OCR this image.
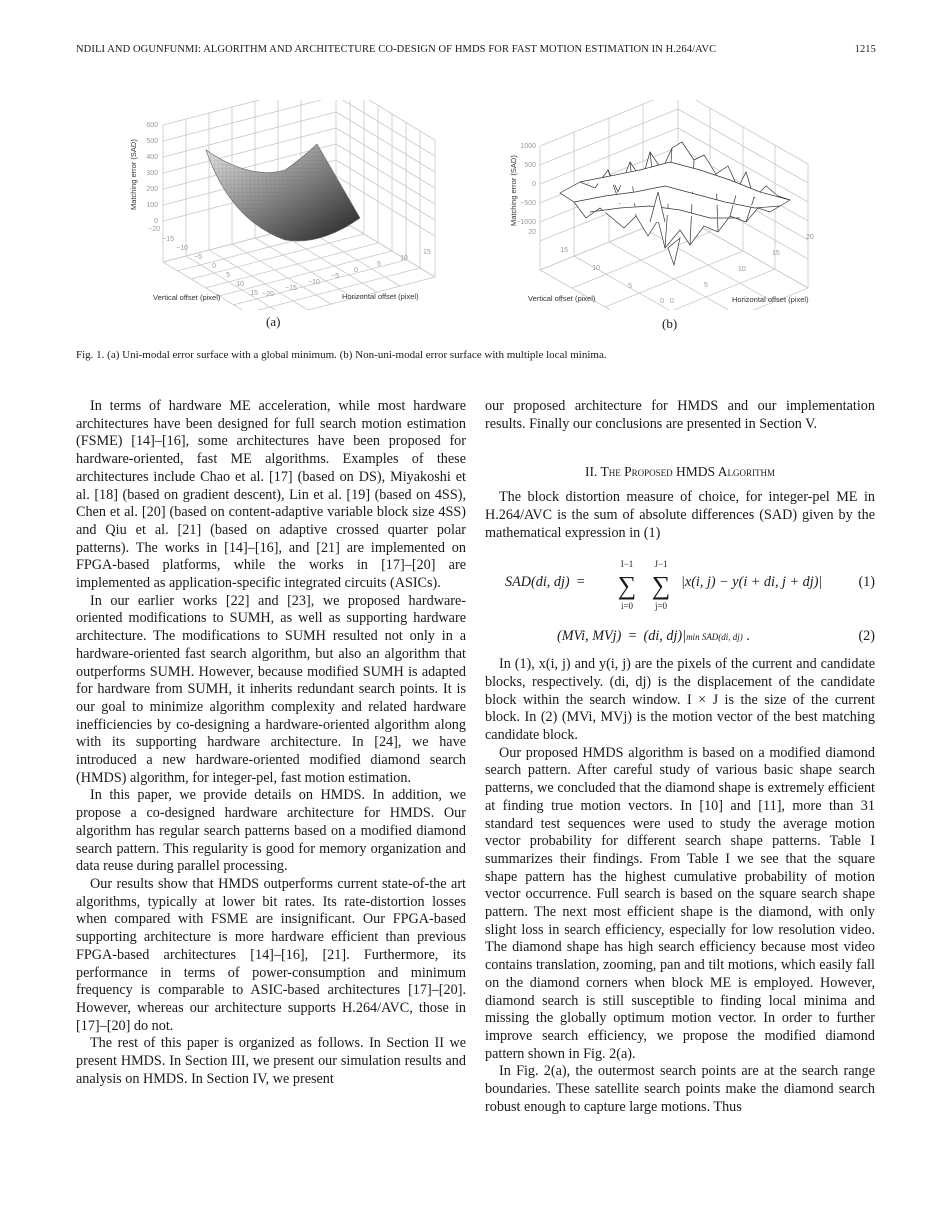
NDILI AND OGUNFUNMI: ALGORITHM AND ARCHITECTURE CO-DESIGN OF HMDS FOR FAST MOTION ESTIMATION IN H.264/AVC	1215
600
500
400
300
200
100
0
Matching error (SAD)
−20
−15
−10
−5
0
5
10
15 −20
−15
−10
−5
0
5
10
15
Vertical offset (pixel)	Horizontal offset (pixel)
(a)
1000
500
0
−500
−1000
Matching error (SAD)
20
15
10
5
0 0
5
10
15
20
Vertical offset (pixel)	Horizontal offset (pixel)
(b)
Fig. 1. (a) Uni-modal error surface with a global minimum. (b) Non-uni-modal error surface with multiple local minima.

In terms of hardware ME acceleration, while most hardware architectures have been designed for full search motion estimation (FSME) [14]–[16], some architectures have been proposed for hardware-oriented, fast ME algorithms. Examples of these architectures include Chao et al. [17] (based on DS), Miyakoshi et al. [18] (based on gradient descent), Lin et al. [19] (based on 4SS), Chen et al. [20] (based on content-adaptive variable block size 4SS) and Qiu et al. [21] (based on adaptive crossed quarter polar patterns). The works in [14]–[16], and [21] are implemented on FPGA-based platforms, while the works in [17]–[20] are implemented as application-specific integrated circuits (ASICs).

In our earlier works [22] and [23], we proposed hardware-oriented modifications to SUMH, as well as supporting hardware architecture. The modifications to SUMH resulted not only in a hardware-oriented fast search algorithm, but also an algorithm that outperforms SUMH. However, because modified SUMH is adapted for hardware from SUMH, it inherits redundant search points. It is our goal to minimize algorithm complexity and related hardware inefficiencies by co-designing a hardware-oriented algorithm along with its supporting hardware architecture. In [24], we have introduced a new hardware-oriented modified diamond search (HMDS) algorithm, for integer-pel, fast motion estimation.

In this paper, we provide details on HMDS. In addition, we propose a co-designed hardware architecture for HMDS. Our algorithm has regular search patterns based on a modified diamond search pattern. This regularity is good for memory organization and data reuse during parallel processing.

Our results show that HMDS outperforms current state-of-the art algorithms, typically at lower bit rates. Its rate-distortion losses when compared with FSME are insignificant. Our FPGA-based supporting architecture is more hardware efficient than previous FPGA-based architectures [14]–[16], [21]. Furthermore, its performance in terms of power-consumption and minimum frequency is comparable to ASIC-based architectures [17]–[20]. However, whereas our architecture supports H.264/AVC, those in [17]–[20] do not.

The rest of this paper is organized as follows. In Section II we present HMDS. In Section III, we present our simulation results and analysis on HMDS. In Section IV, we present

our proposed architecture for HMDS and our implementation results. Finally our conclusions are presented in Section V.

II. The Proposed HMDS Algorithm

The block distortion measure of choice, for integer-pel ME in H.264/AVC is the sum of absolute differences (SAD) given by the mathematical expression in (1)

SAD(di, dj)  =
I−1
∑
i=0
J−1
∑
j=0
|x(i, j) − y(i + di, j + dj)|	(1)
(MVi, MVj)  =  (di, dj)|min SAD(di, dj) .	(2)

In (1), x(i, j) and y(i, j) are the pixels of the current and candidate blocks, respectively. (di, dj) is the displacement of the candidate block within the search window. I × J is the size of the current block. In (2) (MVi, MVj) is the motion vector of the best matching candidate block.

Our proposed HMDS algorithm is based on a modified diamond search pattern. After careful study of various basic shape search patterns, we concluded that the diamond shape is extremely efficient at finding true motion vectors. In [10] and [11], more than 31 standard test sequences were used to study the average motion vector probability for different search shape patterns. Table I summarizes their findings. From Table I we see that the square shape pattern has the highest cumulative probability of motion vector occurrence. Full search is based on the square search shape pattern. The next most efficient shape is the diamond, with only slight loss in search efficiency, especially for low resolution video. The diamond shape has high search efficiency because most video contains translation, zooming, pan and tilt motions, which easily fall on the diamond corners when block ME is employed. However, diamond search is still susceptible to finding local minima and missing the globally optimum motion vector. In order to further improve search efficiency, we propose the modified diamond pattern shown in Fig. 2(a).

In Fig. 2(a), the outermost search points are at the search range boundaries. These satellite search points make the diamond search robust enough to capture large motions. Thus
